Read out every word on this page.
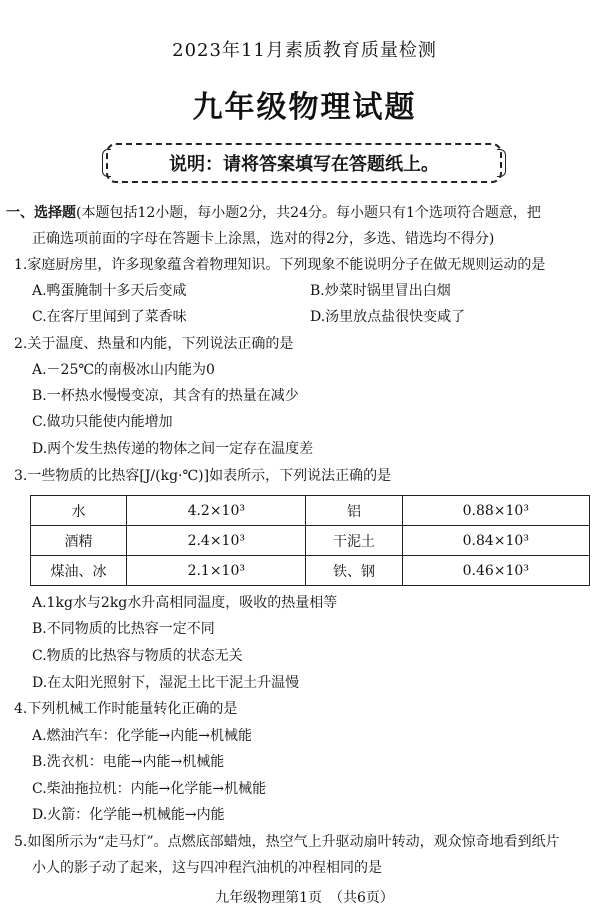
2023年11月素质教育质量检测
九年级物理试题
说明：请将答案填写在答题纸上。
一、选择题(本题包括12小题，每小题2分，共24分。每小题只有1个选项符合题意，把
正确选项前面的字母在答题卡上涂黑，选对的得2分，多选、错选均不得分)
1.家庭厨房里，许多现象蕴含着物理知识。下列现象不能说明分子在做无规则运动的是
A.鸭蛋腌制十多天后变咸	B.炒菜时锅里冒出白烟
C.在客厅里闻到了菜香味	D.汤里放点盐很快变咸了
2.关于温度、热量和内能，下列说法正确的是
A.－25℃的南极冰山内能为0
B.一杯热水慢慢变凉，其含有的热量在减少
C.做功只能使内能增加
D.两个发生热传递的物体之间一定存在温度差
3.一些物质的比热容[J/(kg·℃)]如表所示，下列说法正确的是
水	4.2×10³	铝	0.88×10³
酒精	2.4×10³	干泥土	0.84×10³
煤油、冰	2.1×10³	铁、钢	0.46×10³
A.1kg水与2kg水升高相同温度，吸收的热量相等
B.不同物质的比热容一定不同
C.物质的比热容与物质的状态无关
D.在太阳光照射下，湿泥土比干泥土升温慢
4.下列机械工作时能量转化正确的是
A.燃油汽车：化学能→内能→机械能
B.洗衣机：电能→内能→机械能
C.柴油拖拉机：内能→化学能→机械能
D.火箭：化学能→机械能→内能
5.如图所示为“走马灯”。点燃底部蜡烛，热空气上升驱动扇叶转动，观众惊奇地看到纸片
小人的影子动了起来，这与四冲程汽油机的冲程相同的是
九年级物理第1页　（共6页）
